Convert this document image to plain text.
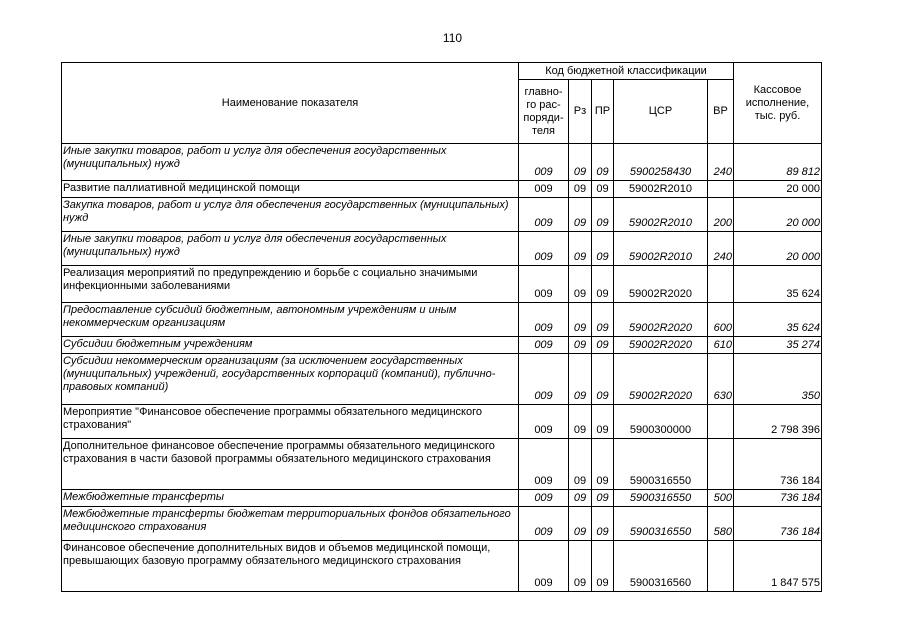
110
Наименование показателя	Код бюджетной классификации					Кассовое исполнение, тыс. руб.
	главно-го рас-поряди-теля	Рз	ПР	ЦСР	ВР	
Иные закупки товаров, работ и услуг для обеспечения государственных (муниципальных) нужд	009	09	09	5900258430	240	89 812
Развитие паллиативной медицинской помощи	009	09	09	59002R2010		20 000
Закупка товаров, работ и услуг для обеспечения государственных (муниципальных) нужд	009	09	09	59002R2010	200	20 000
Иные закупки товаров, работ и услуг для обеспечения государственных (муниципальных) нужд	009	09	09	59002R2010	240	20 000
Реализация мероприятий по предупреждению и борьбе с социально значимыми инфекционными заболеваниями	009	09	09	59002R2020		35 624
Предоставление субсидий бюджетным, автономным учреждениям и иным некоммерческим организациям	009	09	09	59002R2020	600	35 624
Субсидии бюджетным учреждениям	009	09	09	59002R2020	610	35 274
Субсидии некоммерческим организациям (за исключением государственных (муниципальных) учреждений, государственных корпораций (компаний), публично-правовых компаний)	009	09	09	59002R2020	630	350
Мероприятие "Финансовое обеспечение программы обязательного медицинского страхования"	009	09	09	5900300000		2 798 396
Дополнительное финансовое обеспечение программы обязательного медицинского страхования в части базовой программы обязательного медицинского страхования	009	09	09	5900316550		736 184
Межбюджетные трансферты	009	09	09	5900316550	500	736 184
Межбюджетные трансферты бюджетам территориальных фондов обязательного медицинского страхования	009	09	09	5900316550	580	736 184
Финансовое обеспечение дополнительных видов и объемов медицинской помощи, превышающих базовую программу обязательного медицинского страхования	009	09	09	5900316560		1 847 575
